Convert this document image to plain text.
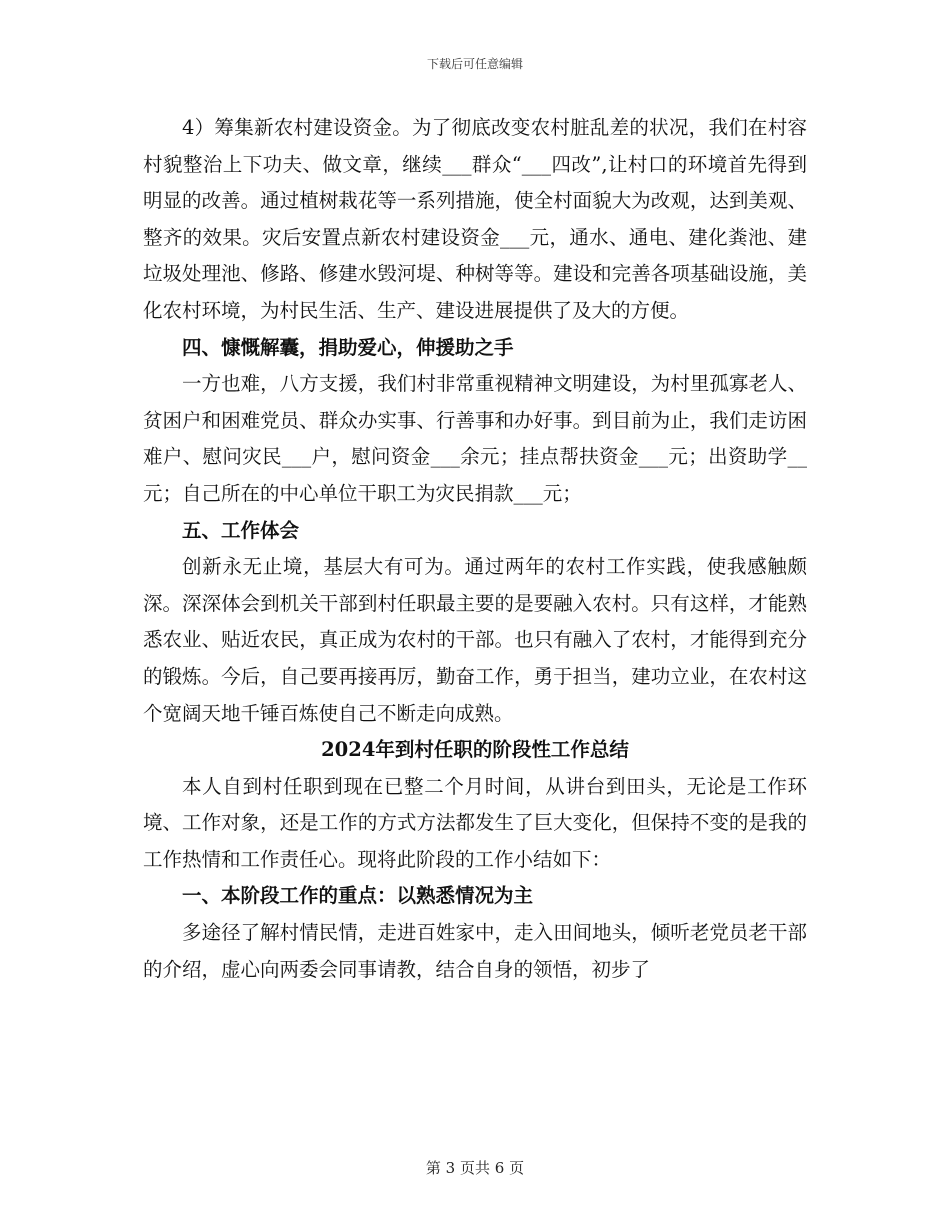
下载后可任意编辑

4）筹集新农村建设资金。为了彻底改变农村脏乱差的状况，我们在村容村貌整治上下功夫、做文章，继续___群众“___四改”,让村口的环境首先得到明显的改善。通过植树栽花等一系列措施，使全村面貌大为改观，达到美观、整齐的效果。灾后安置点新农村建设资金___元，通水、通电、建化粪池、建垃圾处理池、修路、修建水毁河堤、种树等等。建设和完善各项基础设施，美化农村环境，为村民生活、生产、建设进展提供了及大的方便。

四、慷慨解囊，捐助爱心，伸援助之手

一方也难，八方支援，我们村非常重视精神文明建设，为村里孤寡老人、贫困户和困难党员、群众办实事、行善事和办好事。到目前为止，我们走访困难户、慰问灾民___户，慰问资金___余元；挂点帮扶资金___元；出资助学__元；自己所在的中心单位干职工为灾民捐款___元；

五、工作体会

创新永无止境，基层大有可为。通过两年的农村工作实践，使我感触颇深。深深体会到机关干部到村任职最主要的是要融入农村。只有这样，才能熟悉农业、贴近农民，真正成为农村的干部。也只有融入了农村，才能得到充分的锻炼。今后，自己要再接再厉，勤奋工作，勇于担当，建功立业，在农村这个宽阔天地千锤百炼使自己不断走向成熟。

2024年到村任职的阶段性工作总结

本人自到村任职到现在已整二个月时间，从讲台到田头，无论是工作环境、工作对象，还是工作的方式方法都发生了巨大变化，但保持不变的是我的工作热情和工作责任心。现将此阶段的工作小结如下：

一、本阶段工作的重点：以熟悉情况为主

多途径了解村情民情，走进百姓家中，走入田间地头，倾听老党员老干部的介绍，虚心向两委会同事请教，结合自身的领悟，初步了

第 3 页共 6 页
